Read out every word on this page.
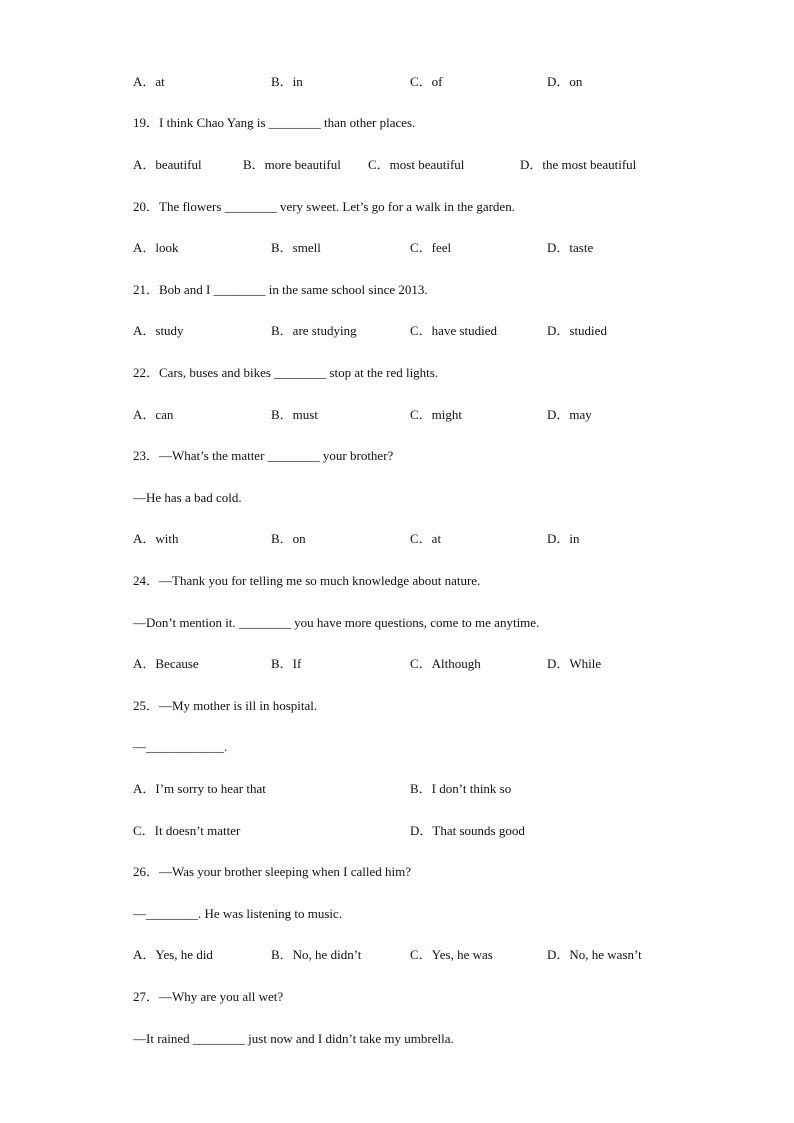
A．at	B．in	C．of	D．on
19．I think Chao Yang is ________ than other places.
A．beautiful	B．more beautiful C．most beautiful	D．the most beautiful
20．The flowers ________ very sweet. Let’s go for a walk in the garden.
A．look	B．smell	C．feel	D．taste
21．Bob and I ________ in the same school since 2013.
A．study	B．are studying	C．have studied	D．studied
22．Cars, buses and bikes ________ stop at the red lights.
A．can	B．must	C．might	D．may
23．—What’s the matter ________ your brother?
—He has a bad cold.
A．with	B．on	C．at	D．in
24．—Thank you for telling me so much knowledge about nature.
—Don’t mention it. ________ you have more questions, come to me anytime.
A．Because	B．If	C．Although	D．While
25．—My mother is ill in hospital.
—____________.
A．I’m sorry to hear that	B．I don’t think so
C．It doesn’t matter	D．That sounds good
26．—Was your brother sleeping when I called him?
—________. He was listening to music.
A．Yes, he did	B．No, he didn’t	C．Yes, he was	D．No, he wasn’t
27．—Why are you all wet?
—It rained ________ just now and I didn’t take my umbrella.
